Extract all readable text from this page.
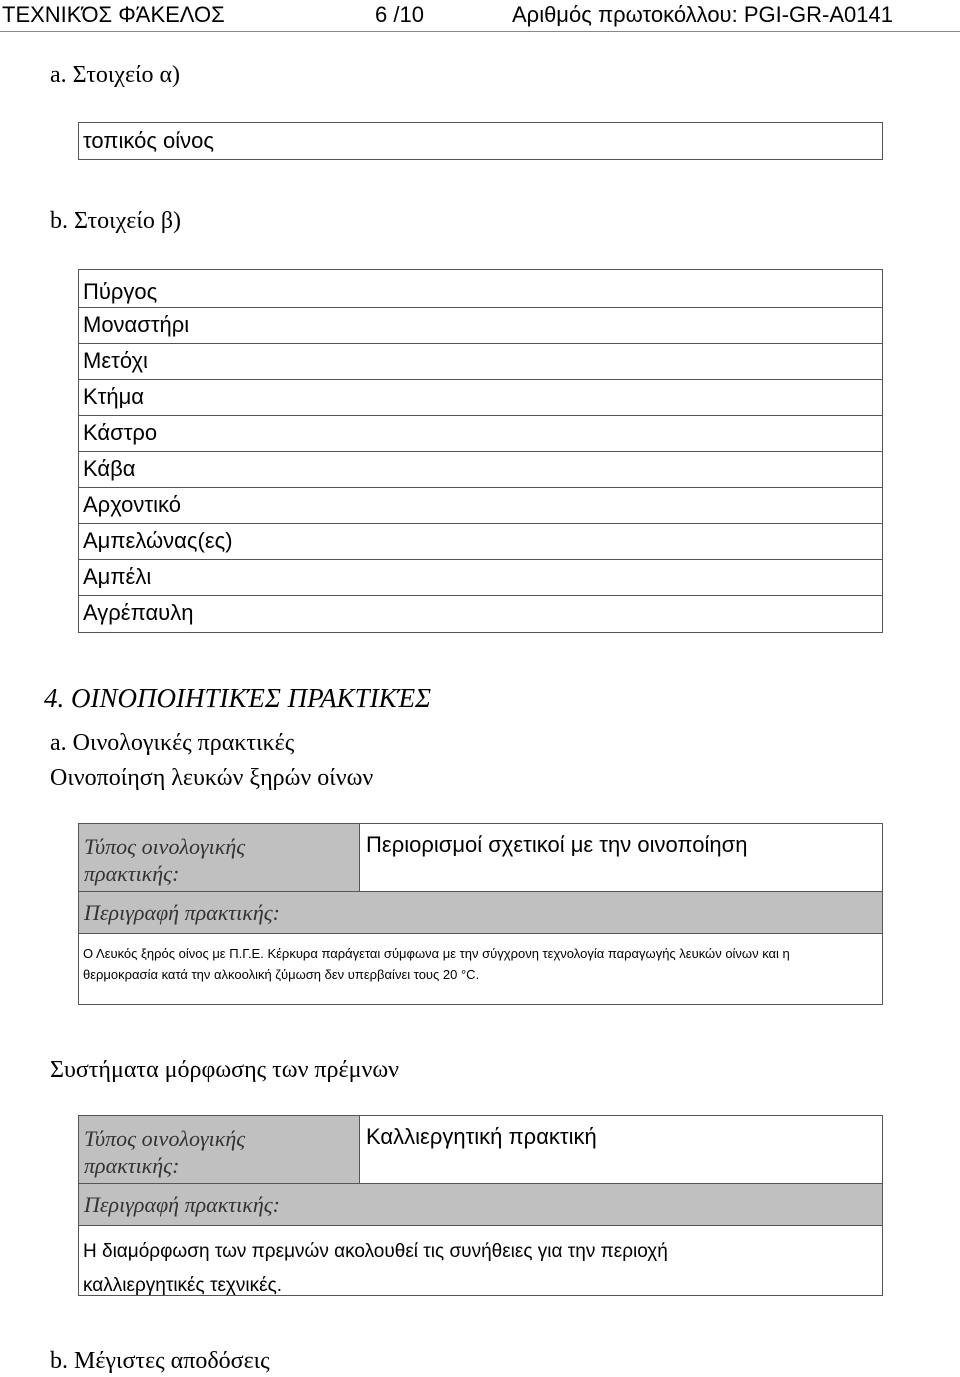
ΤΕΧΝΙΚΌΣ ΦΆΚΕΛΟΣ	6 /10	Αριθμός πρωτοκόλλου: PGI-GR-A0141
a. Στοιχείο α)
τοπικός οίνος
b. Στοιχείο β)
Πύργος
Μοναστήρι
Μετόχι
Κτήμα
Κάστρο
Κάβα
Αρχοντικό
Αμπελώνας(ες)
Αμπέλι
Αγρέπαυλη
4. ΟΙΝΟΠΟΙΗΤΙΚΈΣ ΠΡΑΚΤΙΚΈΣ
a. Οινολογικές πρακτικές
Οινοποίηση λευκών ξηρών οίνων
Τύπος οινολογικής
πρακτικής:
Περιορισμοί σχετικοί με την οινοποίηση
Περιγραφή πρακτικής:
Ο Λευκός ξηρός οίνος με Π.Γ.Ε. Κέρκυρα παράγεται σύμφωνα με την σύγχρονη τεχνολογία παραγωγής λευκών οίνων και η
θερμοκρασία κατά την αλκοολική ζύμωση δεν υπερβαίνει τους 20 °C.
Συστήματα μόρφωσης των πρέμνων
Τύπος οινολογικής
πρακτικής:
Καλλιεργητική πρακτική
Περιγραφή πρακτικής:
Η διαμόρφωση των πρεμνών ακολουθεί τις συνήθειες για την περιοχή
καλλιεργητικές τεχνικές.
b. Μέγιστες αποδόσεις
